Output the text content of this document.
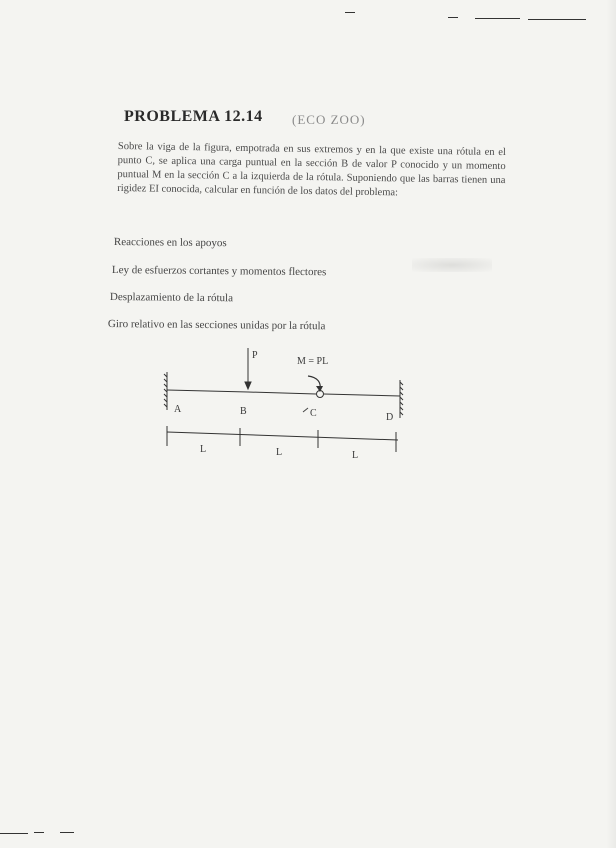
PROBLEMA 12.14 (ECO ZOO)
Sobre la viga de la figura, empotrada en sus extremos y en la que existe una rótula en el punto C, se aplica una carga puntual en la sección B de valor P conocido y un momento puntual M en la sección C a la izquierda de la rótula. Suponiendo que las barras tienen una rigidez EI conocida, calcular en función de los datos del problema:
Reacciones en los apoyos
Ley de esfuerzos cortantes y momentos flectores
Desplazamiento de la rótula
Giro relativo en las secciones unidas por la rótula
P
M = PL
A	B	C	D
L	L	L
